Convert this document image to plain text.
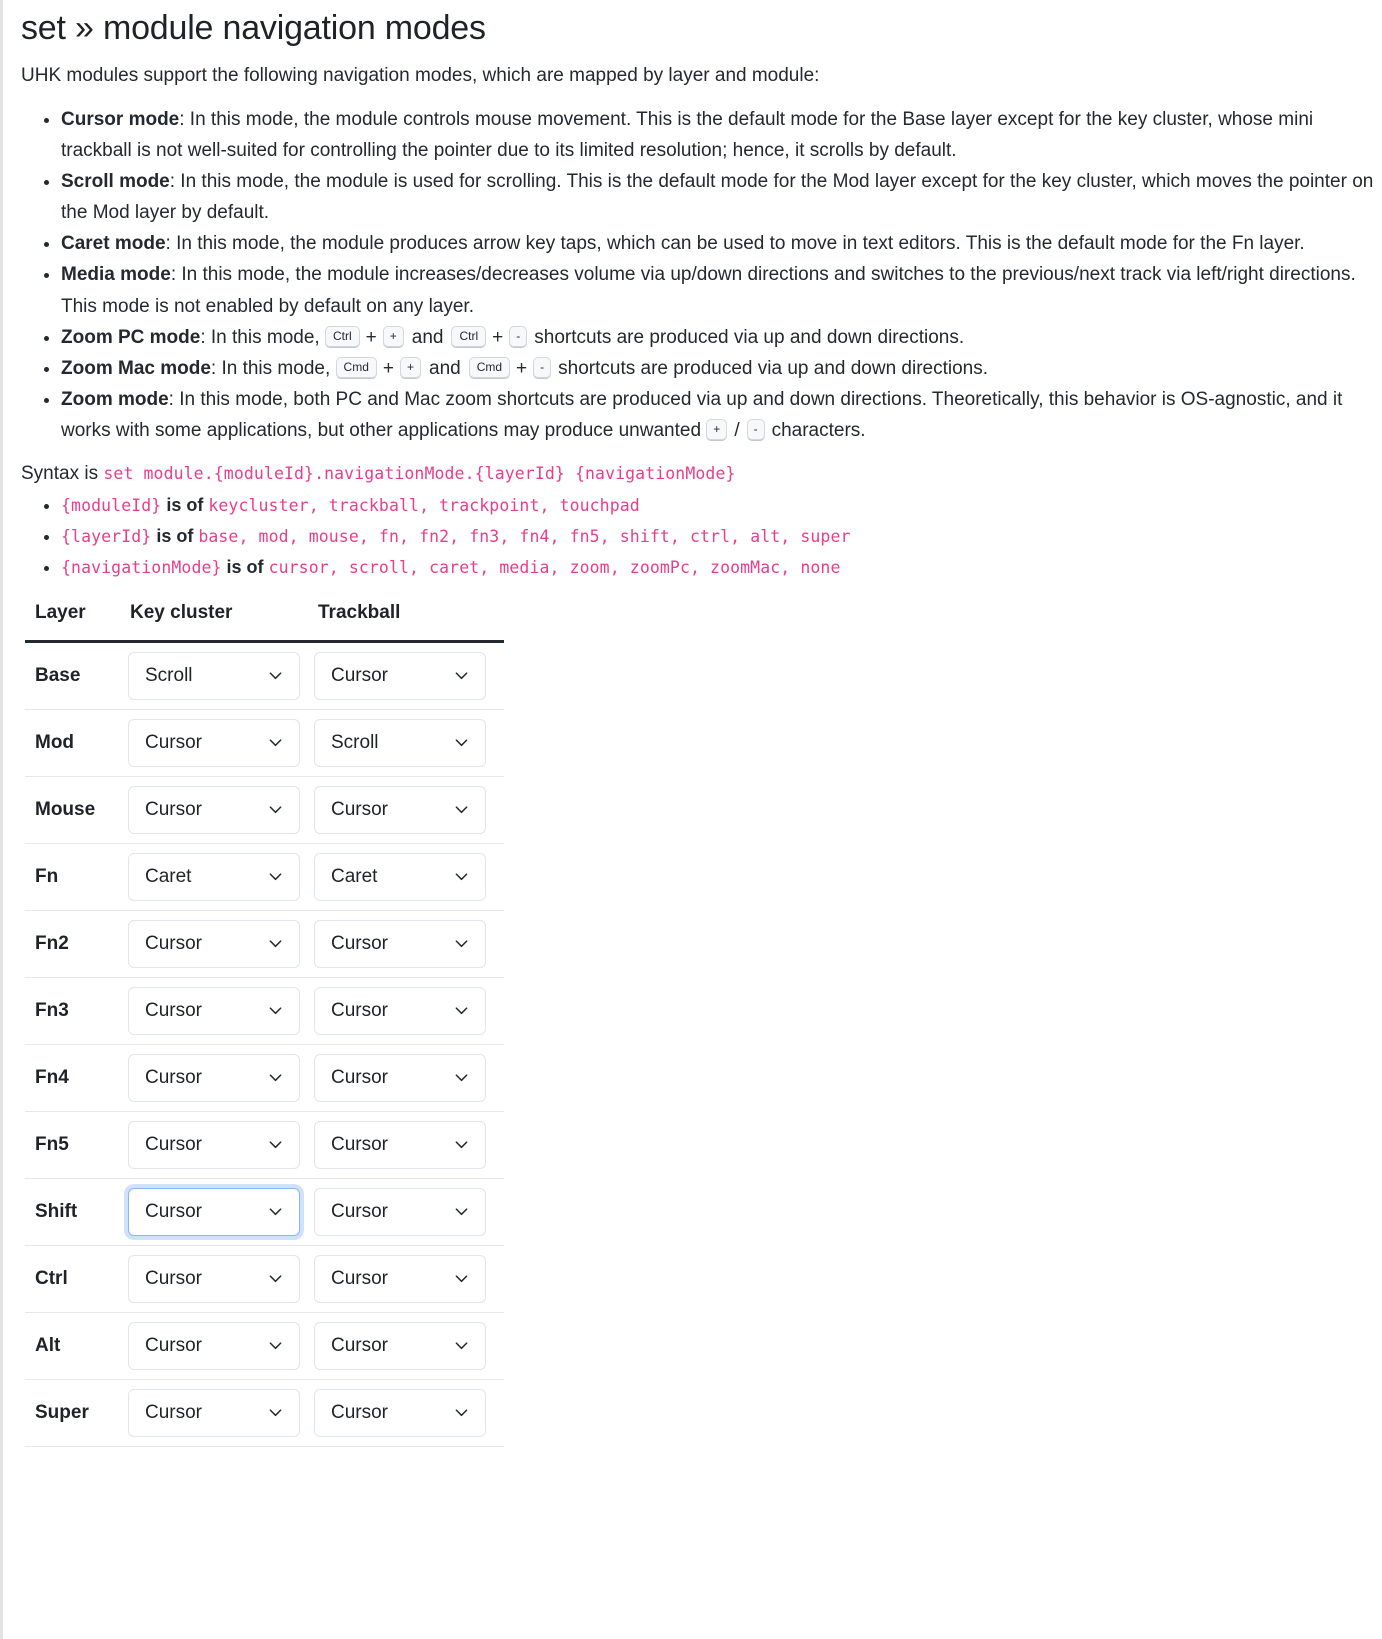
set » module navigation modes

UHK modules support the following navigation modes, which are mapped by layer and module:

• Cursor mode: In this mode, the module controls mouse movement. This is the default mode for the Base layer except for the key cluster, whose mini trackball is not well-suited for controlling the pointer due to its limited resolution; hence, it scrolls by default.
• Scroll mode: In this mode, the module is used for scrolling. This is the default mode for the Mod layer except for the key cluster, which moves the pointer on the Mod layer by default.
• Caret mode: In this mode, the module produces arrow key taps, which can be used to move in text editors. This is the default mode for the Fn layer.
• Media mode: In this mode, the module increases/decreases volume via up/down directions and switches to the previous/next track via left/right directions. This mode is not enabled by default on any layer.
• Zoom PC mode: In this mode, Ctrl + + and Ctrl + - shortcuts are produced via up and down directions.
• Zoom Mac mode: In this mode, Cmd + + and Cmd + - shortcuts are produced via up and down directions.
• Zoom mode: In this mode, both PC and Mac zoom shortcuts are produced via up and down directions. Theoretically, this behavior is OS-agnostic, and it works with some applications, but other applications may produce unwanted + / - characters.

Syntax is set module.{moduleId}.navigationMode.{layerId} {navigationMode}

• {moduleId} is of keycluster, trackball, trackpoint, touchpad
• {layerId} is of base, mod, mouse, fn, fn2, fn3, fn4, fn5, shift, ctrl, alt, super
• {navigationMode} is of cursor, scroll, caret, media, zoom, zoomPc, zoomMac, none
Layer	Key cluster	Trackball
Base	Scroll	Cursor

Mod	Cursor	Scroll

Mouse	Cursor	Cursor

Fn	Caret	Caret

Fn2	Cursor	Cursor

Fn3	Cursor	Cursor

Fn4	Cursor	Cursor

Fn5	Cursor	Cursor

Shift	Cursor	Cursor

Ctrl	Cursor	Cursor

Alt	Cursor	Cursor

Super	Cursor	Cursor
